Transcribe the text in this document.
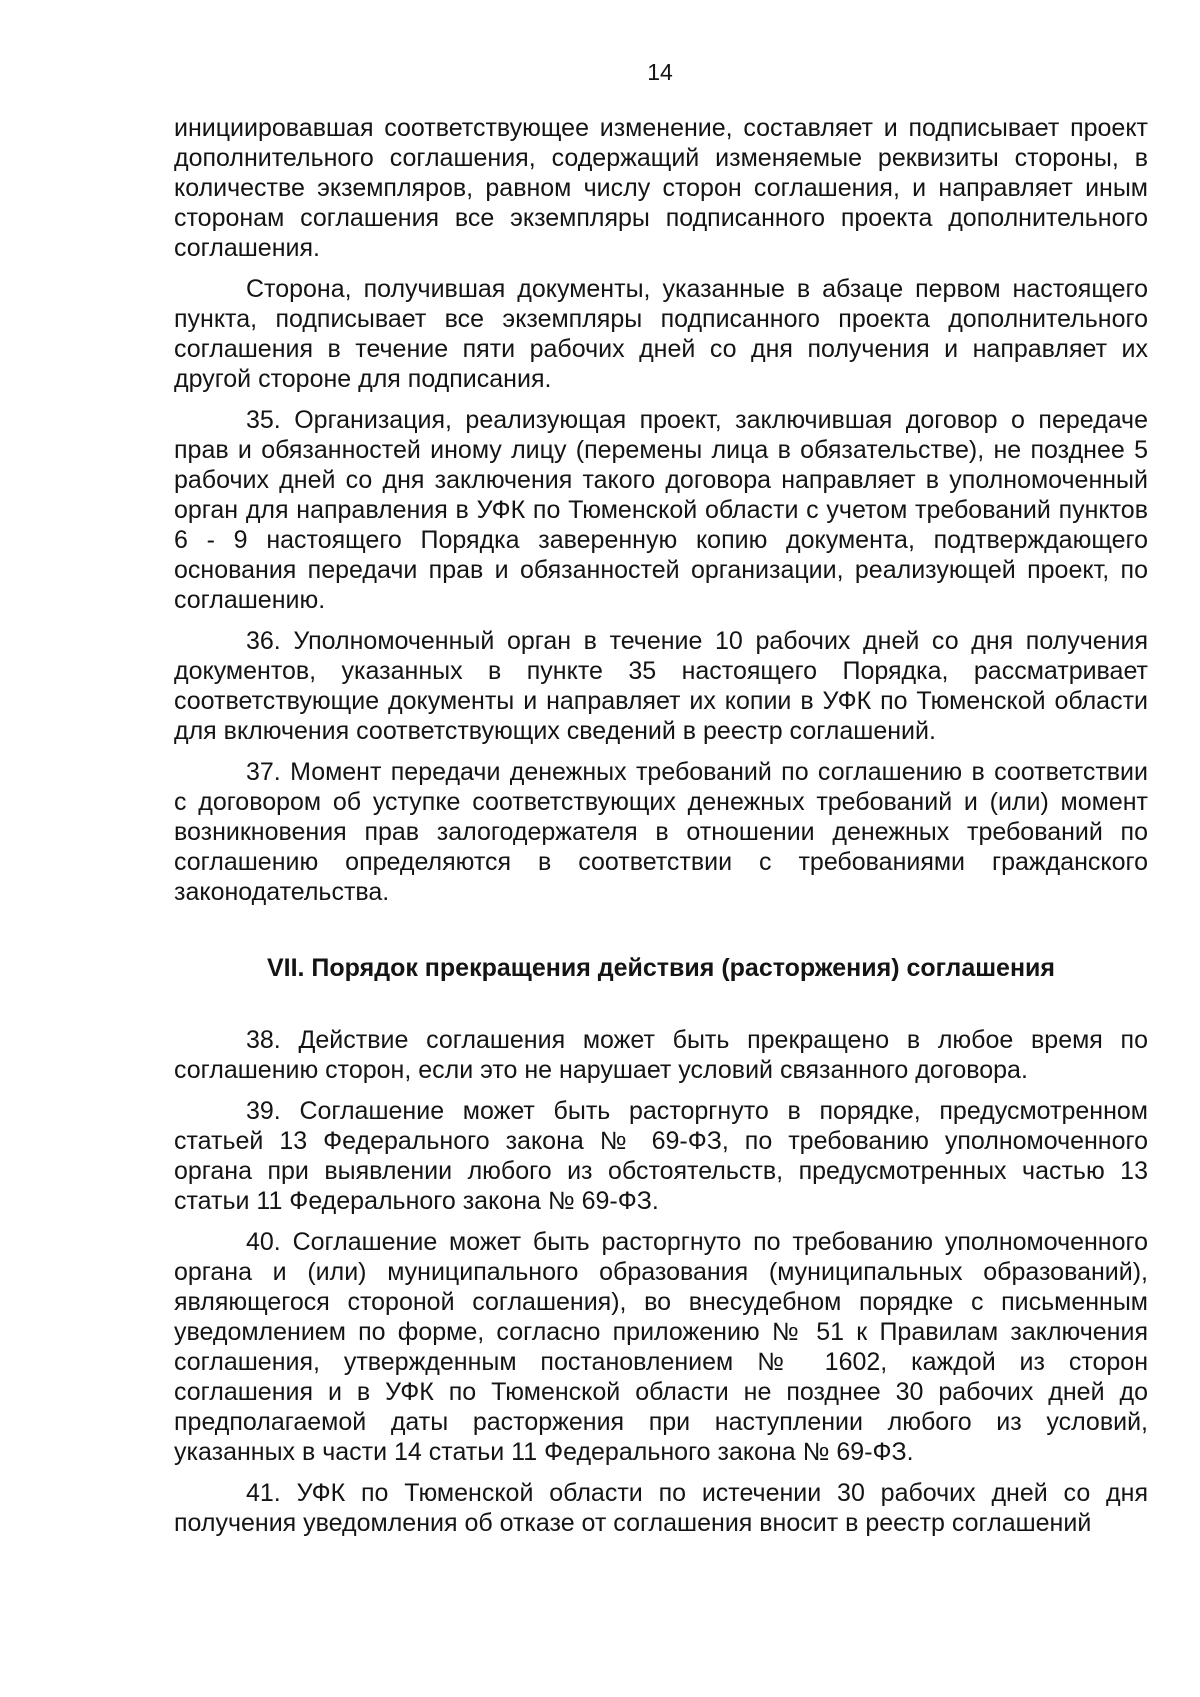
14

инициировавшая соответствующее изменение, составляет и подписывает проект дополнительного соглашения, содержащий изменяемые реквизиты стороны, в количестве экземпляров, равном числу сторон соглашения, и направляет иным сторонам соглашения все экземпляры подписанного проекта дополнительного соглашения.

Сторона, получившая документы, указанные в абзаце первом настоящего пункта, подписывает все экземпляры подписанного проекта дополнительного соглашения в течение пяти рабочих дней со дня получения и направляет их другой стороне для подписания.

35. Организация, реализующая проект, заключившая договор о передаче прав и обязанностей иному лицу (перемены лица в обязательстве), не позднее 5 рабочих дней со дня заключения такого договора направляет в уполномоченный орган для направления в УФК по Тюменской области с учетом требований пунктов 6 - 9 настоящего Порядка заверенную копию документа, подтверждающего основания передачи прав и обязанностей организации, реализующей проект, по соглашению.

36. Уполномоченный орган в течение 10 рабочих дней со дня получения документов, указанных в пункте 35 настоящего Порядка, рассматривает соответствующие документы и направляет их копии в УФК по Тюменской области для включения соответствующих сведений в реестр соглашений.

37. Момент передачи денежных требований по соглашению в соответствии с договором об уступке соответствующих денежных требований и (или) момент возникновения прав залогодержателя в отношении денежных требований по соглашению определяются в соответствии с требованиями гражданского законодательства.

VII. Порядок прекращения действия (расторжения) соглашения

38. Действие соглашения может быть прекращено в любое время по соглашению сторон, если это не нарушает условий связанного договора.

39. Соглашение может быть расторгнуто в порядке, предусмотренном статьей 13 Федерального закона № 69-ФЗ, по требованию уполномоченного органа при выявлении любого из обстоятельств, предусмотренных частью 13 статьи 11 Федерального закона № 69-ФЗ.

40. Соглашение может быть расторгнуто по требованию уполномоченного органа и (или) муниципального образования (муниципальных образований), являющегося стороной соглашения), во внесудебном порядке с письменным уведомлением по форме, согласно приложению № 51 к Правилам заключения соглашения, утвержденным постановлением № 1602, каждой из сторон соглашения и в УФК по Тюменской области не позднее 30 рабочих дней до предполагаемой даты расторжения при наступлении любого из условий, указанных в части 14 статьи 11 Федерального закона № 69-ФЗ.

41. УФК по Тюменской области по истечении 30 рабочих дней со дня получения уведомления об отказе от соглашения вносит в реестр соглашений
